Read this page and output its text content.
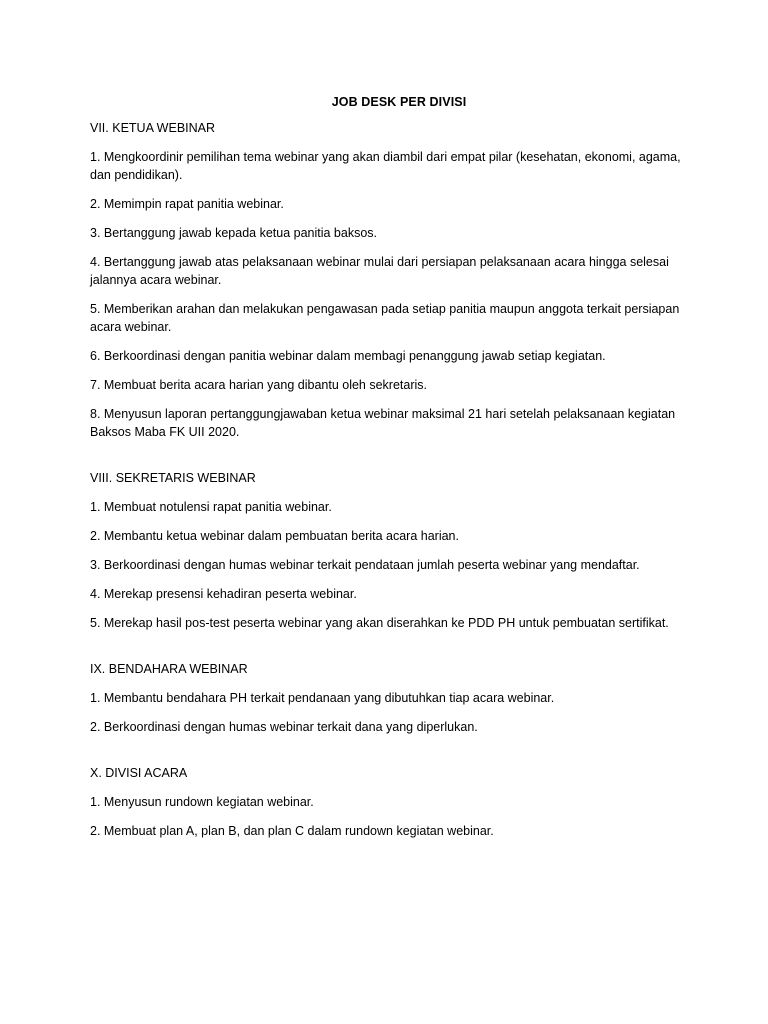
JOB DESK PER DIVISI
VII. KETUA WEBINAR
1. Mengkoordinir pemilihan tema webinar yang akan diambil dari empat pilar (kesehatan, ekonomi, agama, dan pendidikan).
2. Memimpin rapat panitia webinar.
3. Bertanggung jawab kepada ketua panitia baksos.
4. Bertanggung jawab atas pelaksanaan webinar mulai dari persiapan pelaksanaan acara hingga selesai jalannya acara webinar.
5. Memberikan arahan dan melakukan pengawasan pada setiap panitia maupun anggota terkait persiapan acara webinar.
6. Berkoordinasi dengan panitia webinar dalam membagi penanggung jawab setiap kegiatan.
7. Membuat berita acara harian yang dibantu oleh sekretaris.
8. Menyusun laporan pertanggungjawaban ketua webinar maksimal 21 hari setelah pelaksanaan kegiatan Baksos Maba FK UII 2020.
VIII. SEKRETARIS WEBINAR
1. Membuat notulensi rapat panitia webinar.
2. Membantu ketua webinar dalam pembuatan berita acara harian.
3. Berkoordinasi dengan humas webinar terkait pendataan jumlah peserta webinar yang mendaftar.
4. Merekap presensi kehadiran peserta webinar.
5. Merekap hasil pos-test peserta webinar yang akan diserahkan ke PDD PH untuk pembuatan sertifikat.
IX. BENDAHARA WEBINAR
1. Membantu bendahara PH terkait pendanaan yang dibutuhkan tiap acara webinar.
2. Berkoordinasi dengan humas webinar terkait dana yang diperlukan.
X. DIVISI ACARA
1. Menyusun rundown kegiatan webinar.
2. Membuat plan A, plan B, dan plan C dalam rundown kegiatan webinar.
